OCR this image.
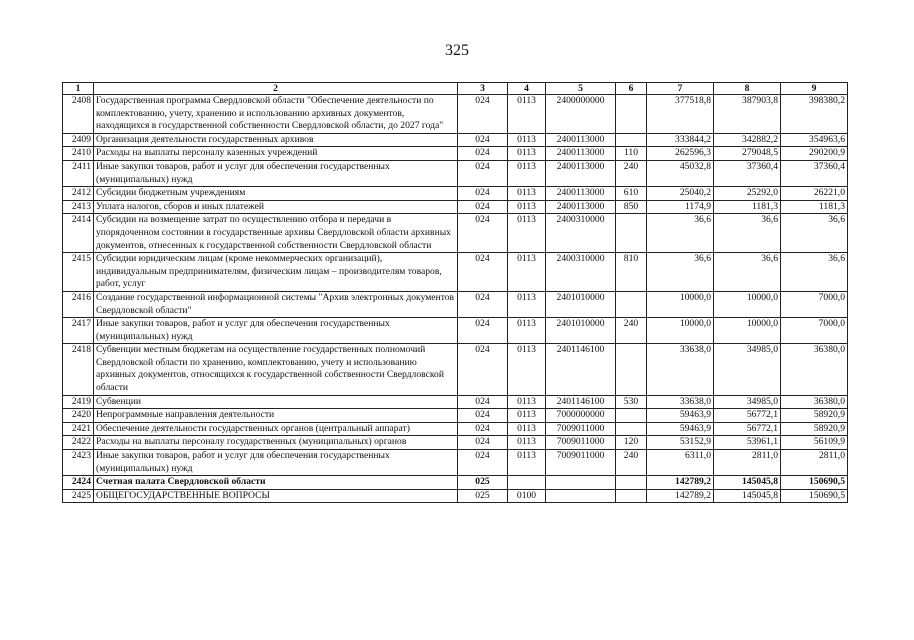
325
1	2	3	4	5	6	7	8	9
2408	Государственная программа Свердловской области "Обеспечение деятельности по комплектованию, учету, хранению и использованию архивных документов, находящихся в государственной собственности Свердловской области, до 2027 года"	024	0113	2400000000		377518,8	387903,8	398380,2
2409	Организация деятельности государственных архивов	024	0113	2400113000		333844,2	342882,2	354963,6
2410	Расходы на выплаты персоналу казенных учреждений	024	0113	2400113000	110	262596,3	279048,5	290200,9
2411	Иные закупки товаров, работ и услуг для обеспечения государственных (муниципальных) нужд	024	0113	2400113000	240	45032,8	37360,4	37360,4
2412	Субсидии бюджетным учреждениям	024	0113	2400113000	610	25040,2	25292,0	26221,0
2413	Уплата налогов, сборов и иных платежей	024	0113	2400113000	850	1174,9	1181,3	1181,3
2414	Субсидии на возмещение затрат по осуществлению отбора и передачи в упорядоченном состоянии в государственные архивы Свердловской области архивных документов, отнесенных к государственной собственности Свердловской области	024	0113	2400310000		36,6	36,6	36,6
2415	Субсидии юридическим лицам (кроме некоммерческих организаций), индивидуальным предпринимателям, физическим лицам – производителям товаров, работ, услуг	024	0113	2400310000	810	36,6	36,6	36,6
2416	Создание государственной информационной системы "Архив электронных документов Свердловской области"	024	0113	2401010000		10000,0	10000,0	7000,0
2417	Иные закупки товаров, работ и услуг для обеспечения государственных (муниципальных) нужд	024	0113	2401010000	240	10000,0	10000,0	7000,0
2418	Субвенции местным бюджетам на осуществление государственных полномочий Свердловской области по хранению, комплектованию, учету и использованию архивных документов, относящихся к государственной собственности Свердловской области	024	0113	2401146100		33638,0	34985,0	36380,0
2419	Субвенции	024	0113	2401146100	530	33638,0	34985,0	36380,0
2420	Непрограммные направления деятельности	024	0113	7000000000		59463,9	56772,1	58920,9
2421	Обеспечение деятельности государственных органов (центральный аппарат)	024	0113	7009011000		59463,9	56772,1	58920,9
2422	Расходы на выплаты персоналу государственных (муниципальных) органов	024	0113	7009011000	120	53152,9	53961,1	56109,9
2423	Иные закупки товаров, работ и услуг для обеспечения государственных (муниципальных) нужд	024	0113	7009011000	240	6311,0	2811,0	2811,0
2424	Счетная палата Свердловской области	025				142789,2	145045,8	150690,5
2425	ОБЩЕГОСУДАРСТВЕННЫЕ ВОПРОСЫ	025	0100			142789,2	145045,8	150690,5
